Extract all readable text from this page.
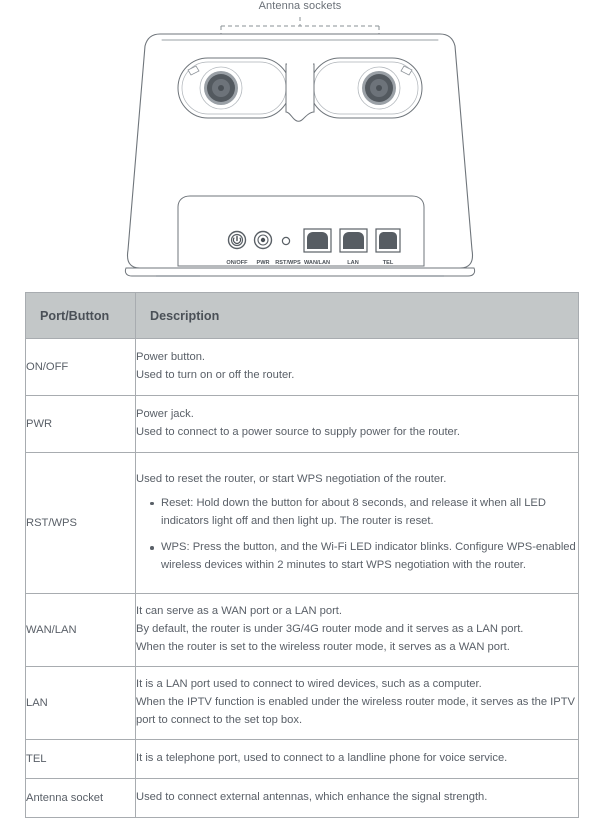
Antenna sockets
ON/OFF PWR RST/WPS WAN/LAN	LAN	TEL
Port/Button	Description

ON/OFF	Power button.
Used to turn on or off the router.

PWR	Power jack.
Used to connect to a power source to supply power for the router.

RST/WPS	
Used to reset the router, or start WPS negotiation of the router.
Reset: Hold down the button for about 8 seconds, and release it when all LED indicators light off and then light up. The router is reset.
WPS: Press the button, and the Wi-Fi LED indicator blinks. Configure WPS-enabled wireless devices within 2 minutes to start WPS negotiation with the router.

WAN/LAN	It can serve as a WAN port or a LAN port.
By default, the router is under 3G/4G router mode and it serves as a LAN port.
When the router is set to the wireless router mode, it serves as a WAN port.

LAN	It is a LAN port used to connect to wired devices, such as a computer.
When the IPTV function is enabled under the wireless router mode, it serves as the IPTV port to connect to the set top box.

TEL	It is a telephone port, used to connect to a landline phone for voice service.

Antenna socket	Used to connect external antennas, which enhance the signal strength.
